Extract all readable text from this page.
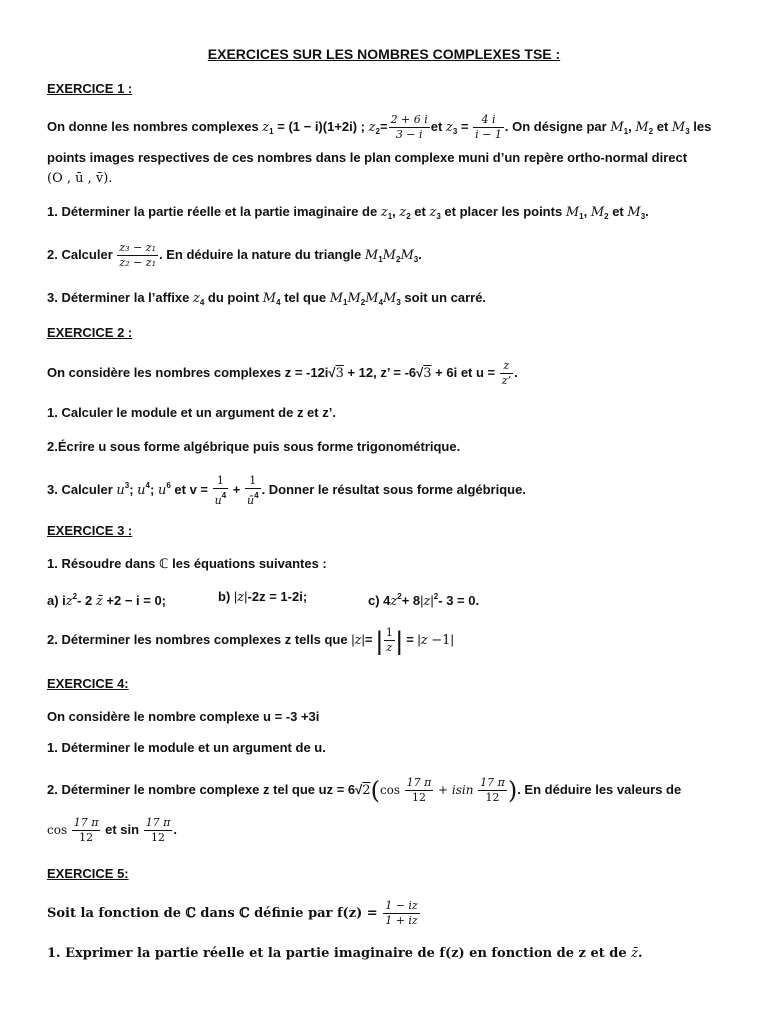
EXERCICES SUR LES NOMBRES COMPLEXES TSE :
EXERCICE 1 :
On donne les nombres complexes $z_1 = (1 - i)(1+2i)$ ; $z_2= \frac{2 + 6 i}{3 - i}$ et $z_3 = \frac{4 i}{i - 1}$ . On désigne par $M_1$, $M_2$ et $M_3$ les
points images respectives de ces nombres dans le plan complexe muni d’un repère ortho-normal direct
(O , ū , v̄).
1. Déterminer la partie réelle et la partie imaginaire de $z_1$, $z_2$ et $z_3$ et placer les points $M_1$, $M_2$ et $M_3$.
2. Calculer $\frac{\text{z₃ − z₁}}{\text{z₂ − z₁}}$ . En déduire la nature du triangle $M_1M_2M_3$.
3. Déterminer la l’affixe $z_4$ du point $M_4$ tel que $M_1M_2M_4M_3$ soit un carré.
EXERCICE 2 :
On considère les nombres complexes z = -12i√3 + 12, z’ = -6√3 + 6i et $u = \frac{z}{z’}$ .
1. Calculer le module et un argument de z et z’.
2.Écrire u sous forme algébrique puis sous forme trigonométrique.
3. Calculer $u^3$; $u^4$; $u^6$ et $v = \frac{1}{u^4} + \frac{1}{ū^4}$ . Donner le résultat sous forme algébrique.
EXERCICE 3 :
1. Résoudre dans ℂ les équations suivantes :
a) $iz^2-$ 2 z̄ +2 − i = 0;	b) |z|-2z = 1-2i;	c) $4z^2+ 8|z|^2-$ 3 = 0.
2. Déterminer les nombres complexes z tells que |z|= | $\frac{1}{z}$ | = |z −1|
EXERCICE 4:
On considère le nombre complexe u = -3 +3i
1. Déterminer le module et un argument de u.
2. Déterminer le nombre complexe z tel que uz = $6√2(\cos \frac{17 \pi}{12} + isin \frac{17 \pi}{12}$ ). En déduire les valeurs de
$\cos \frac{17 \pi}{12}$ et $\sin \frac{17 \pi}{12}$ .
EXERCICE 5:
Soit la fonction de ℂ dans ℂ définie par $f(z) = \frac{1 - iz}{1 + iz}$
1. Exprimer la partie réelle et la partie imaginaire de f(z) en fonction de z et de z̄.
